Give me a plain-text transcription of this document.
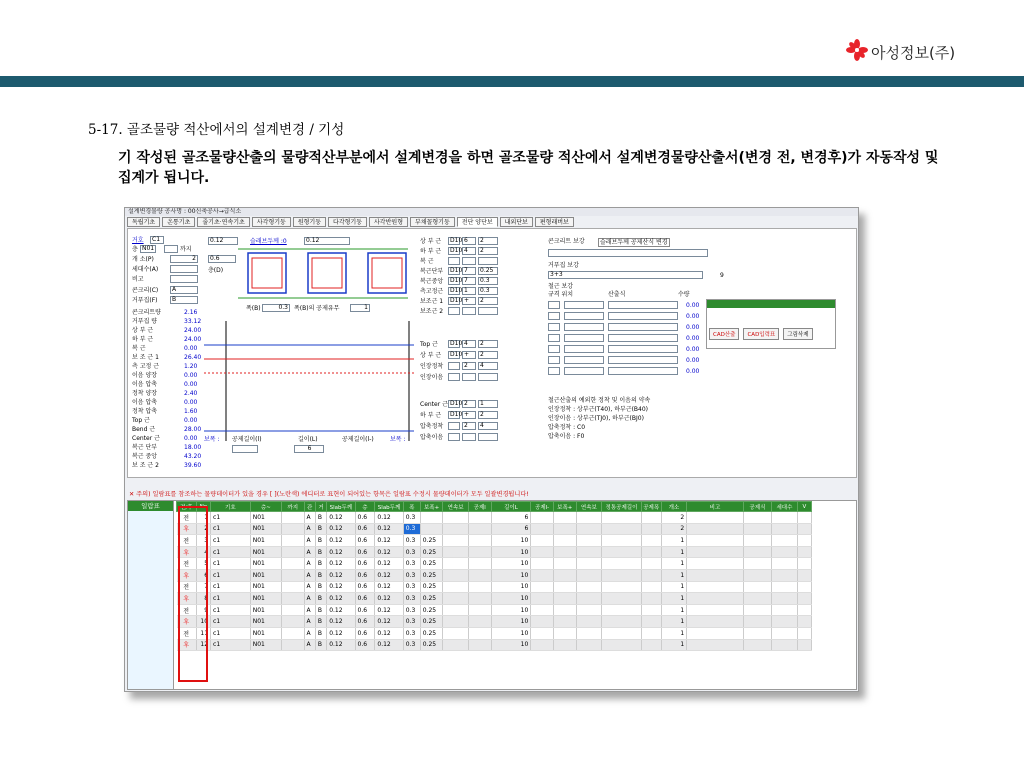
아성정보(주)
5-17. 골조물량 적산에서의 설계변경 / 기성
기 작성된 골조물량산출의 물량적산부분에서 설계변경을 하면 골조물량 적산에서 설계변경물량산출서(변경 전, 변경후)가 자동작성 및 집계가 됩니다.
설계변경물량 공사명 : 00신축공사→급식소
독립기초	온통기초	줄기초·연속기초	사각형기둥	원형기둥	다각형기둥	사각반원형	부채꼴형기둥	전단 양단보	내외단보	편형래버보
거호	C1
층 N01	까지
개 소(P)	2
세대수(A)
비고
콘크리(C)	A
거푸집(F)	B
콘크리트량	2.16
거푸집 량	33.12
상 부 근	24.00
하 부 근	24.00
복 근	0.00
보 조 근 1	26.40
측 고정 근	1.20
이음 양장	0.00
이음 압축	0.00
정착 양장	2.40
이음 압축	0.00
정착 압축	1.60
Top 근	0.00
Bend 근	28.00
Center 근	0.00
복근 단부	18.00
복근 중앙	43.20
보 조 근 2	39.60
0.12	슬래브두께 :0	0.12
0.6
층(D)
폭(B)	0.3	폭(B)의 공제유무	1
보폭 : 공제길이(l)	길이(L)
6
공제길이(l-)	보폭 :
상 부 근	D10 6	2
하 부 근	D10 4	2
복 근
복근단부	D10 7	0.25
복근중앙	D10 7	0.3
측고정근	D10 1	0.3
보조근 1	D10 +	2
보조근 2
Top 근	D10 4	2
상 부 근	D10 +	2
인장정착	2	4
인장이음
Center 근 D10 2	1
하 부 근	D10 +	2
압축정착	2	4
압축이음
콘크리트 보강	슬래브두께 공제산식 변경
거푸집 보강
3+3	9
철근 보강
규격 위치	산출식	수량
0.00
0.00
0.00
0.00
0.00
0.00
0.00
CAD산출	CAD입력표	그림삭제
철근산출의 예외한 정착 및 이음의 약속
인장정착 : 상부근(T40), 하부근(B40)
인장이음 : 상부근(TJ0), 하부근(BJ0)
압축정착 : C0
압축이음 : F0
✕ 주의) 일람표를 참조하는 물량데이터가 있을 경우 [ ](노란색) 에디터로 표현이 되어있는 항목은 일람표 수정시 물량데이터가 모두 일괄변경됩니다!
일람표	전/후	No	기호	층~	까지	관	거	Slab두께	층	Slab두께	폭	보폭+	연속보	공제l	길이L	공제l-	보폭+	연속보	정통공제길이	공제폭	개소	비고	공제식	세대수	V
전	1	c1	N01		A	B	0.12	0.6	0.12	0.3				6						2				
후	2	c1	N01		A	B	0.12	0.6	0.12	0.3				6						2				
전	3	c1	N01		A	B	0.12	0.6	0.12	0.3	0.25			10						1				
후	4	c1	N01		A	B	0.12	0.6	0.12	0.3	0.25			10						1				
전	5	c1	N01		A	B	0.12	0.6	0.12	0.3	0.25			10						1				
후	6	c1	N01		A	B	0.12	0.6	0.12	0.3	0.25			10						1				
전	7	c1	N01		A	B	0.12	0.6	0.12	0.3	0.25			10						1				
후	8	c1	N01		A	B	0.12	0.6	0.12	0.3	0.25			10						1				
전	9	c1	N01		A	B	0.12	0.6	0.12	0.3	0.25			10						1				
후	10	c1	N01		A	B	0.12	0.6	0.12	0.3	0.25			10						1				
전	11	c1	N01		A	B	0.12	0.6	0.12	0.3	0.25			10						1				
후	12	c1	N01		A	B	0.12	0.6	0.12	0.3	0.25			10						1				
